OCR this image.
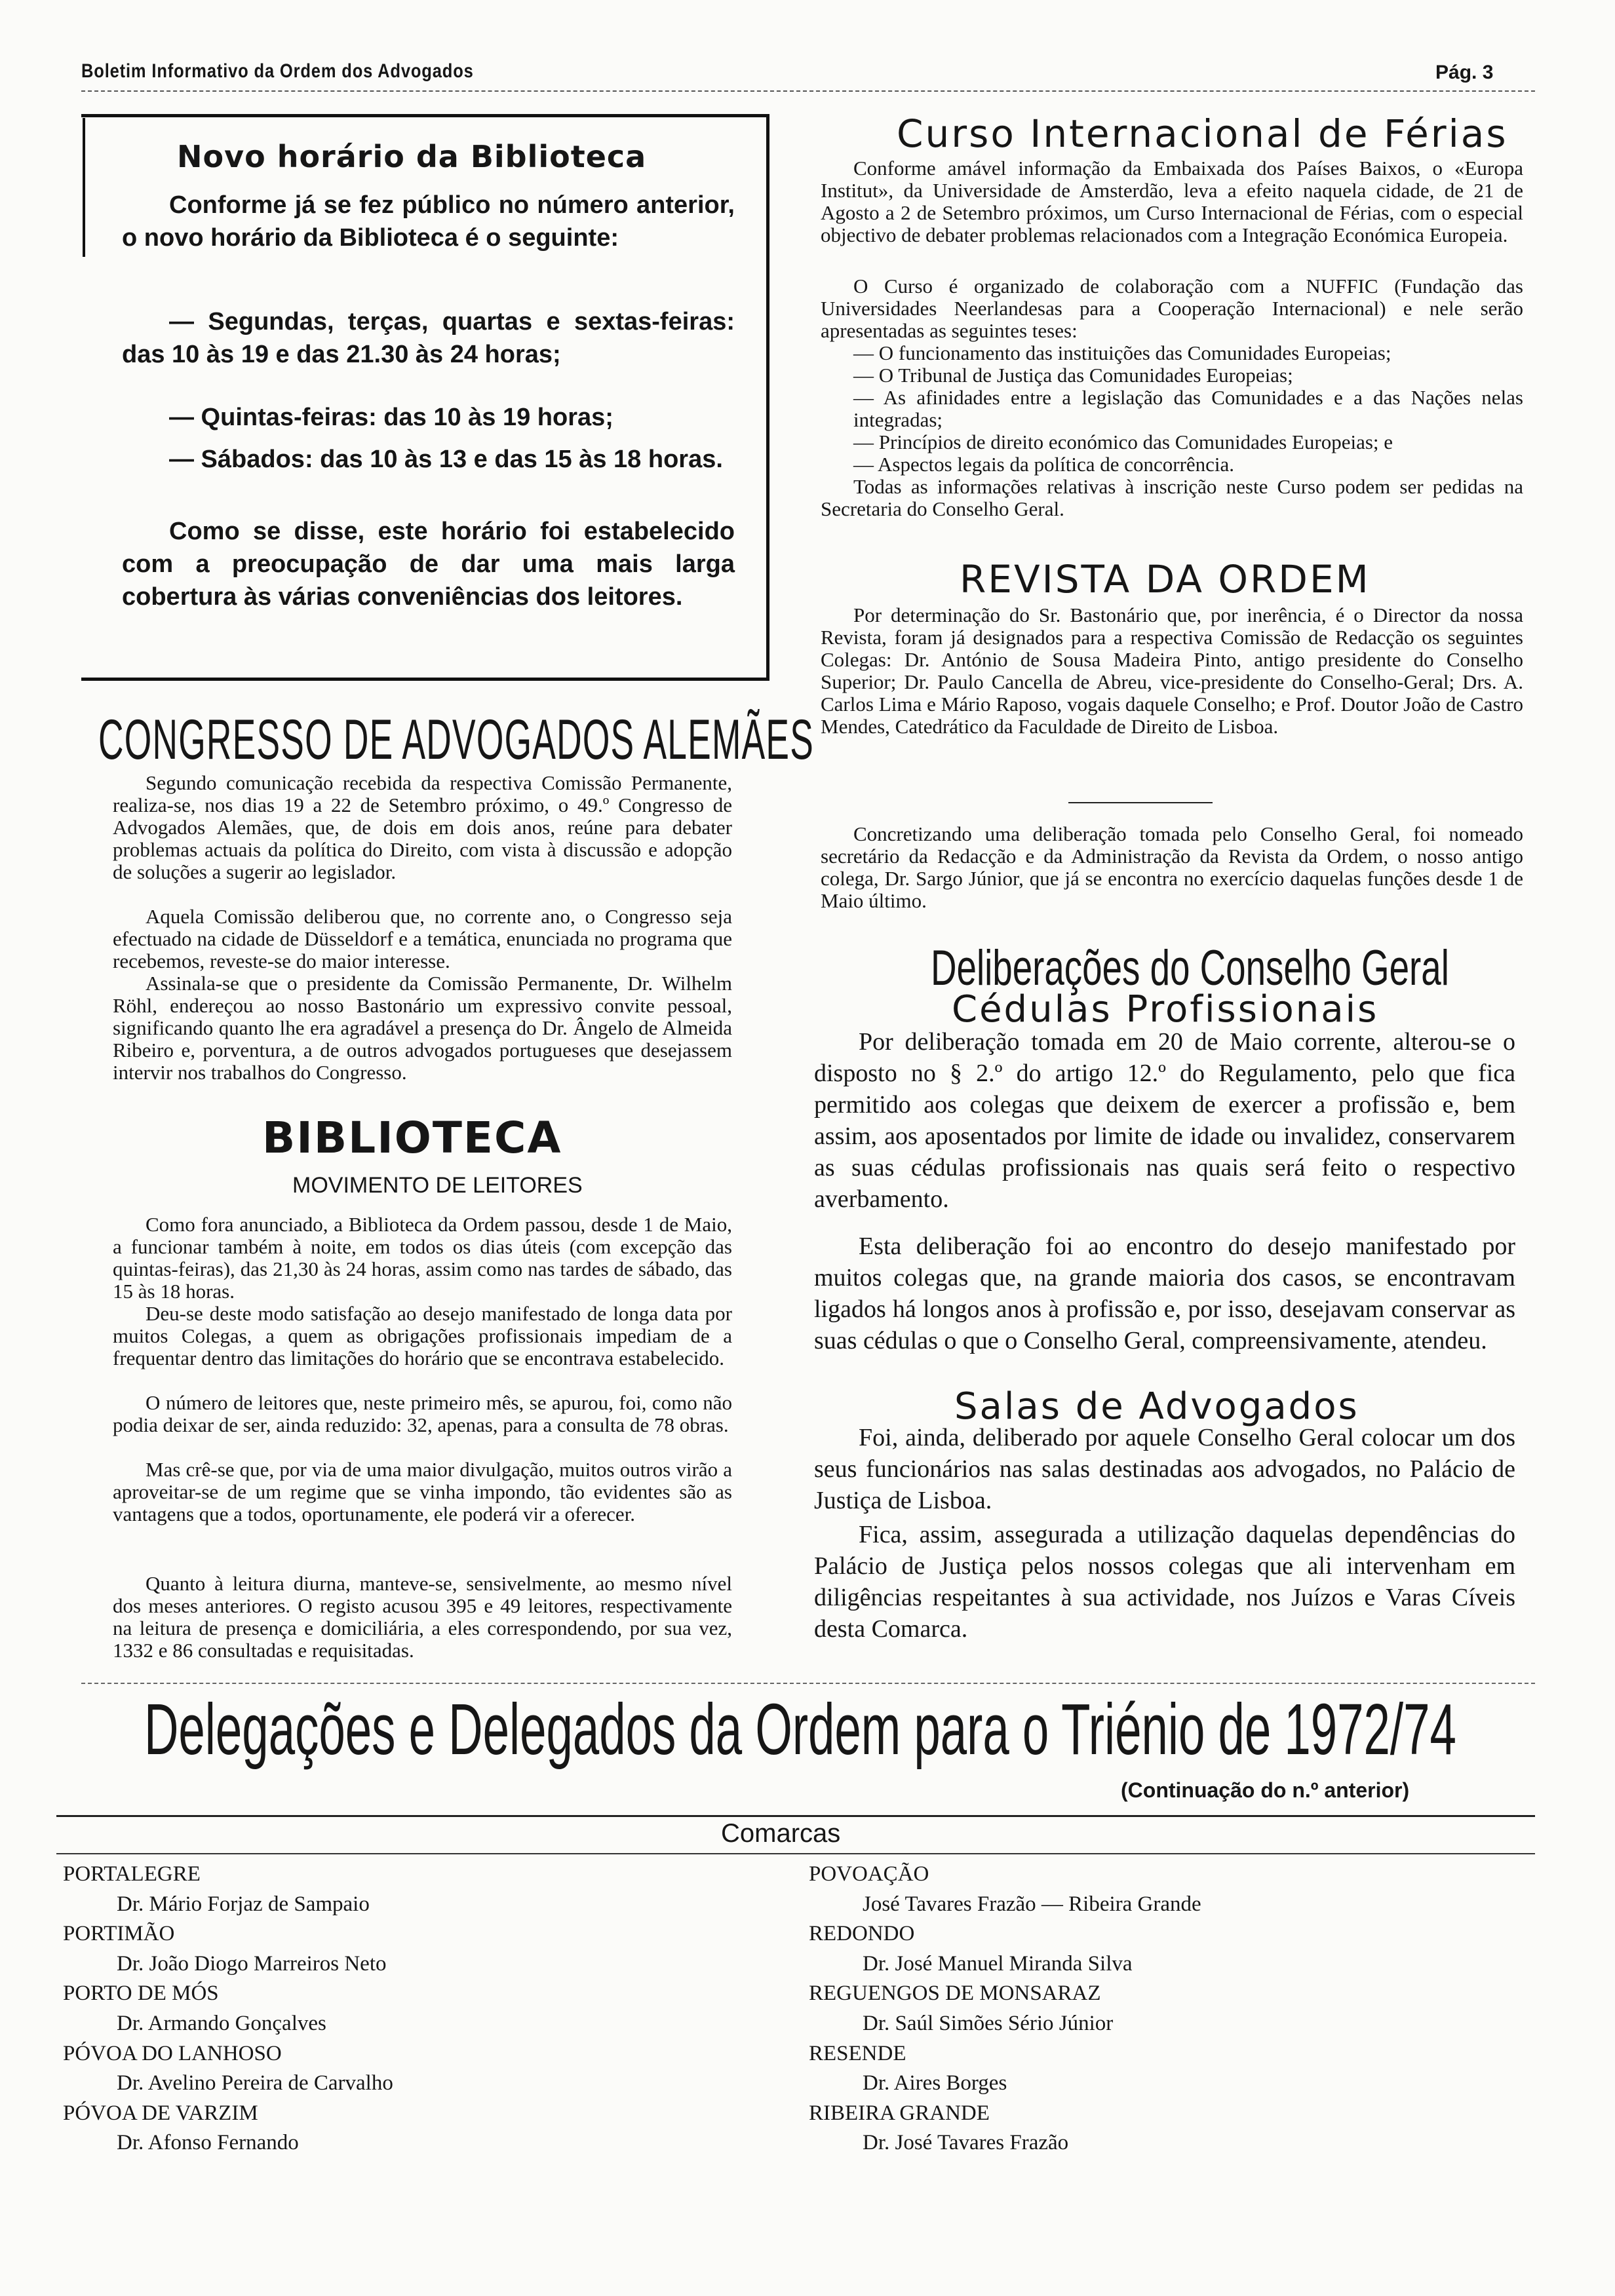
Boletim Informativo da Ordem dos Advogados	Pág. 3
Novo horário da Biblioteca
Conforme já se fez público no número anterior, o novo horário da Biblioteca é o seguinte:
— Segundas, terças, quartas e sextas-feiras: das 10 às 19 e das 21.30 às 24 horas;
— Quintas-feiras: das 10 às 19 horas;
— Sábados: das 10 às 13 e das 15 às 18 horas.
Como se disse, este horário foi estabelecido com a preocupação de dar uma mais larga cobertura às várias conveniências dos leitores.
CONGRESSO DE ADVOGADOS ALEMÃES
Segundo comunicação recebida da respectiva Comissão Permanente, realiza-se, nos dias 19 a 22 de Setembro próximo, o 49.º Congresso de Advogados Alemães, que, de dois em dois anos, reúne para debater problemas actuais da política do Direito, com vista à discussão e adopção de soluções a sugerir ao legislador.
Aquela Comissão deliberou que, no corrente ano, o Congresso seja efectuado na cidade de Düsseldorf e a temática, enunciada no programa que recebemos, reveste-se do maior interesse.
Assinala-se que o presidente da Comissão Permanente, Dr. Wilhelm Röhl, endereçou ao nosso Bastonário um expressivo convite pessoal, significando quanto lhe era agradável a presença do Dr. Ângelo de Almeida Ribeiro e, porventura, a de outros advogados portugueses que desejassem intervir nos trabalhos do Congresso.
BIBLIOTECA
MOVIMENTO DE LEITORES
Como fora anunciado, a Biblioteca da Ordem passou, desde 1 de Maio, a funcionar também à noite, em todos os dias úteis (com excepção das quintas-feiras), das 21,30 às 24 horas, assim como nas tardes de sábado, das 15 às 18 horas.
Deu-se deste modo satisfação ao desejo manifestado de longa data por muitos Colegas, a quem as obrigações profissionais impediam de a frequentar dentro das limitações do horário que se encontrava estabelecido.
O número de leitores que, neste primeiro mês, se apurou, foi, como não podia deixar de ser, ainda reduzido: 32, apenas, para a consulta de 78 obras.
Mas crê-se que, por via de uma maior divulgação, muitos outros virão a aproveitar-se de um regime que se vinha impondo, tão evidentes são as vantagens que a todos, oportunamente, ele poderá vir a oferecer.
Quanto à leitura diurna, manteve-se, sensivelmente, ao mesmo nível dos meses anteriores. O registo acusou 395 e 49 leitores, respectivamente na leitura de presença e domiciliária, a eles correspondendo, por sua vez, 1332 e 86 consultadas e requisitadas.
Curso Internacional de Férias
Conforme amável informação da Embaixada dos Países Baixos, o «Europa Institut», da Universidade de Amsterdão, leva a efeito naquela cidade, de 21 de Agosto a 2 de Setembro próximos, um Curso Internacional de Férias, com o especial objectivo de debater problemas relacionados com a Integração Económica Europeia.
O Curso é organizado de colaboração com a NUFFIC (Fundação das Universidades Neerlandesas para a Cooperação Internacional) e nele serão apresentadas as seguintes teses:
— O funcionamento das instituições das Comunidades Europeias;
— O Tribunal de Justiça das Comunidades Europeias;
— As afinidades entre a legislação das Comunidades e a das Nações nelas integradas;
— Princípios de direito económico das Comunidades Europeias; e
— Aspectos legais da política de concorrência.
Todas as informações relativas à inscrição neste Curso podem ser pedidas na Secretaria do Conselho Geral.
REVISTA DA ORDEM
Por determinação do Sr. Bastonário que, por inerência, é o Director da nossa Revista, foram já designados para a respectiva Comissão de Redacção os seguintes Colegas: Dr. António de Sousa Madeira Pinto, antigo presidente do Conselho Superior; Dr. Paulo Cancella de Abreu, vice-presidente do Conselho-Geral; Drs. A. Carlos Lima e Mário Raposo, vogais daquele Conselho; e Prof. Doutor João de Castro Mendes, Catedrático da Faculdade de Direito de Lisboa.
Concretizando uma deliberação tomada pelo Conselho Geral, foi nomeado secretário da Redacção e da Administração da Revista da Ordem, o nosso antigo colega, Dr. Sargo Júnior, que já se encontra no exercício daquelas funções desde 1 de Maio último.
Deliberações do Conselho Geral
Cédulas Profissionais
Por deliberação tomada em 20 de Maio corrente, alterou-se o disposto no § 2.º do artigo 12.º do Regulamento, pelo que fica permitido aos colegas que deixem de exercer a profissão e, bem assim, aos aposentados por limite de idade ou invalidez, conservarem as suas cédulas profissionais nas quais será feito o respectivo averbamento.
Esta deliberação foi ao encontro do desejo manifestado por muitos colegas que, na grande maioria dos casos, se encontravam ligados há longos anos à profissão e, por isso, desejavam conservar as suas cédulas o que o Conselho Geral, compreensivamente, atendeu.
Salas de Advogados
Foi, ainda, deliberado por aquele Conselho Geral colocar um dos seus funcionários nas salas destinadas aos advogados, no Palácio de Justiça de Lisboa.
Fica, assim, assegurada a utilização daquelas dependências do Palácio de Justiça pelos nossos colegas que ali intervenham em diligências respeitantes à sua actividade, nos Juízos e Varas Cíveis desta Comarca.
Delegações e Delegados da Ordem para o Triénio de 1972/74
(Continuação do n.º anterior)
Comarcas
PORTALEGRE
Dr. Mário Forjaz de Sampaio
PORTIMÃO
Dr. João Diogo Marreiros Neto
PORTO DE MÓS
Dr. Armando Gonçalves
PÓVOA DO LANHOSO
Dr. Avelino Pereira de Carvalho
PÓVOA DE VARZIM
Dr. Afonso Fernando
POVOAÇÃO
José Tavares Frazão — Ribeira Grande
REDONDO
Dr. José Manuel Miranda Silva
REGUENGOS DE MONSARAZ
Dr. Saúl Simões Sério Júnior
RESENDE
Dr. Aires Borges
RIBEIRA GRANDE
Dr. José Tavares Frazão
